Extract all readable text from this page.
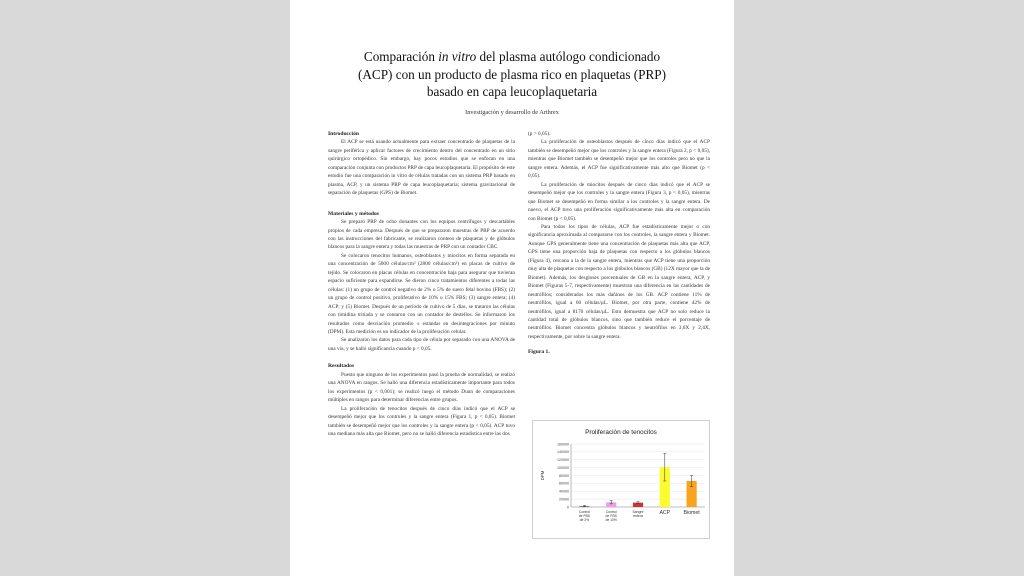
Comparación in vitro del plasma autólogo condicionado
(ACP) con un producto de plasma rico en plaquetas (PRP)
basado en capa leucoplaquetaria
Investigación y desarrollo de Arthrex
Introducción

El ACP se está usando actualmente para extraer concentrado de plaquetas de la sangre periférica y aplicar factores de crecimiento dentro del concentrado en un sitio quirúrgico ortopédico. Sin embargo, hay pocos estudios que se enfocan en una comparación conjunta con productos PRP de capa leucoplaquetaria. El propósito de este estudio fue una comparación in vitro de células tratadas con un sistema PRP basado en plasma, ACP, y un sistema PRP de capa leucoplaquetaria; sistema gravitacional de separación de plaquetas (GPS) de Biomet.

Materiales y métodos

Se preparó PRP de ocho donantes con los equipos centrífugos y descartables propios de cada empresa. Después de que se prepararon muestras de PRP de acuerdo con las instrucciones del fabricante, se realizaron conteos de plaquetas y de glóbulos blancos para la sangre entera y todas las muestras de PRP con un contador CBC.

Se colocaron tenocitos humanos, osteoblastos y miocitos en forma separada en una concentración de 5000 células/cm² (2800 células/cm²) en placas de cultivo de tejido. Se colocaron en placas células en concentración baja para asegurar que tuvieran espacio suficiente para expandirse. Se dieron cinco tratamientos diferentes a todas las células: (1) un grupo de control negativo de 2% o 5% de suero fetal bovino (FBS); (2) un grupo de control positivo, proliferativo de 10% o 15% FBS; (3) sangre entera; (4) ACP; y (5) Biomet. Después de un período de cultivo de 5 días, se trataron las células con timidina tritiada y se contaron con un contador de destellos. Se informaron los resultados como desviación promedio ± estándar en desintegraciones por minuto (DPM). Esta medición es un indicador de la proliferación celular.

Se analizaron los datos para cada tipo de célula por separado con una ANOVA de una vía, y se halló significancia cuando p < 0,05.

Resultados

Puesto que ninguno de los experimentos pasó la prueba de normalidad, se realizó una ANOVA en rangos. Se halló una diferencia estadísticamente importante para todos los experimentos (p < 0,001); se realizó luego el método Dunn de comparaciones múltiples en rangos para determinar diferencias entre grupos.

La proliferación de tenocitos después de cinco días indicó que el ACP se desempeñó mejor que los controles y la sangre entera (Figura 1, p < 0,05). Biomet también se desempeñó mejor que los controles y la sangre entera (p < 0,05). ACP tuvo una mediana más alta que Biomet, pero no se halló diferencia estadística entre las dos

(p > 0,05).

La proliferación de osteoblastos después de cinco días indicó que el ACP también se desempeñó mejor que los controles y la sangre entera (Figura 2, p < 0,05), mientras que Biomet también se desempeñó mejor que los controles pero no que la sangre entera. Además, el ACP fue significativamente más alto que Biomet (p < 0,05).

La proliferación de miocitos después de cinco días indicó que el ACP se desempeñó mejor que los controles y la sangre entera (Figura 3, p < 0,05), mientras que Biomet se desempeñó en forma similar a los controles y la sangre entera. De nuevo, el ACP tuvo una proliferación significativamente más alta en comparación con Biomet (p < 0,05).

Para todos los tipos de células, ACP fue estadísticamente mejor o con significancia aproximada al compararse con los controles, la sangre entera y Biomet. Aunque GPS generalmente tiene una concentración de plaquetas más alta que ACP, GPS tiene una proporción baja de plaquetas con respecto a los glóbulos blancos (Figura 4), cercana a la de la sangre entera, mientras que ACP tiene una proporción muy alta de plaquetas con respecto a los glóbulos blancos (GB) (12X mayor que la de Biomet). Además, los desgloses porcentuales de GB en la sangre entera, ACP, y Biomet (Figuras 5-7, respectivamente) muestran una diferencia en las cantidades de neutrófilos; considerados los más dañinos de los GB. ACP contiene 11% de neutrófilos, igual a 60 células/μL. Biomet, por otra parte, contiene 42% de neutrófilos, igual a 8170 células/μL. Esto demuestra que ACP no solo reduce la cantidad total de glóbulos blancos, sino que también reduce el porcentaje de neutrófilos. Biomet concentra glóbulos blancos y neutrófilos en 3,6X y 2,4X, respectivamente, por sobre la sangre entera.

Figura 1.
Proliferación de tenocitos
0
20000
40000
60000
80000
100000
120000
140000
160000
DPM
Control de FBS de 2%
Control de FBS de 10%
Sangre entera	ACP	Biomet
